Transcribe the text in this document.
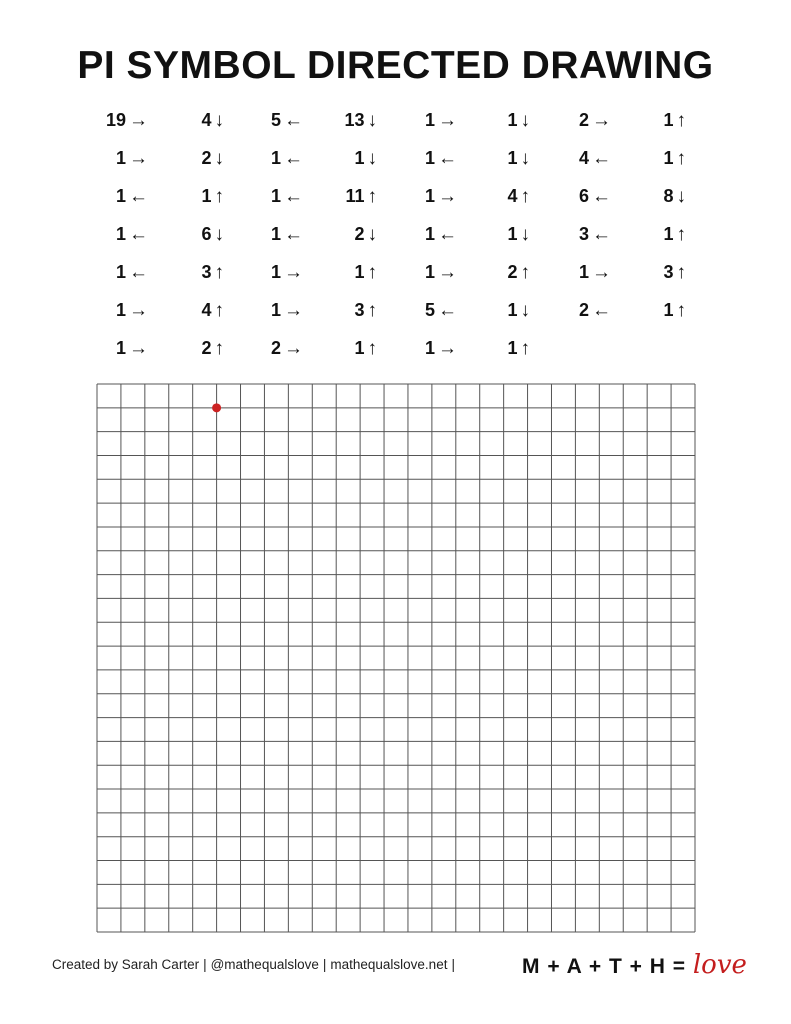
PI SYMBOL DIRECTED DRAWING
19 →	4 ↓	5 ←	13 ↓	1 →	1 ↓	2 →	1 ↑
1 →	2 ↓	1 ←	1 ↓	1 ←	1 ↓	4 ←	1 ↑
1 ←	1 ↑	1 ←	11 ↑	1 →	4 ↑	6 ←	8 ↓
1 ←	6 ↓	1 ←	2 ↓	1 ←	1 ↓	3 ←	1 ↑
1 ←	3 ↑	1 →	1 ↑	1 →	2 ↑	1 →	3 ↑
1 →	4 ↑	1 →	3 ↑	5 ←	1 ↓	2 ←	1 ↑
1 →	2 ↑	2 →	1 ↑	1 →	1 ↑
Created by Sarah Carter | @mathequalslove | mathequalslove.net |	M + A + T + H = love
